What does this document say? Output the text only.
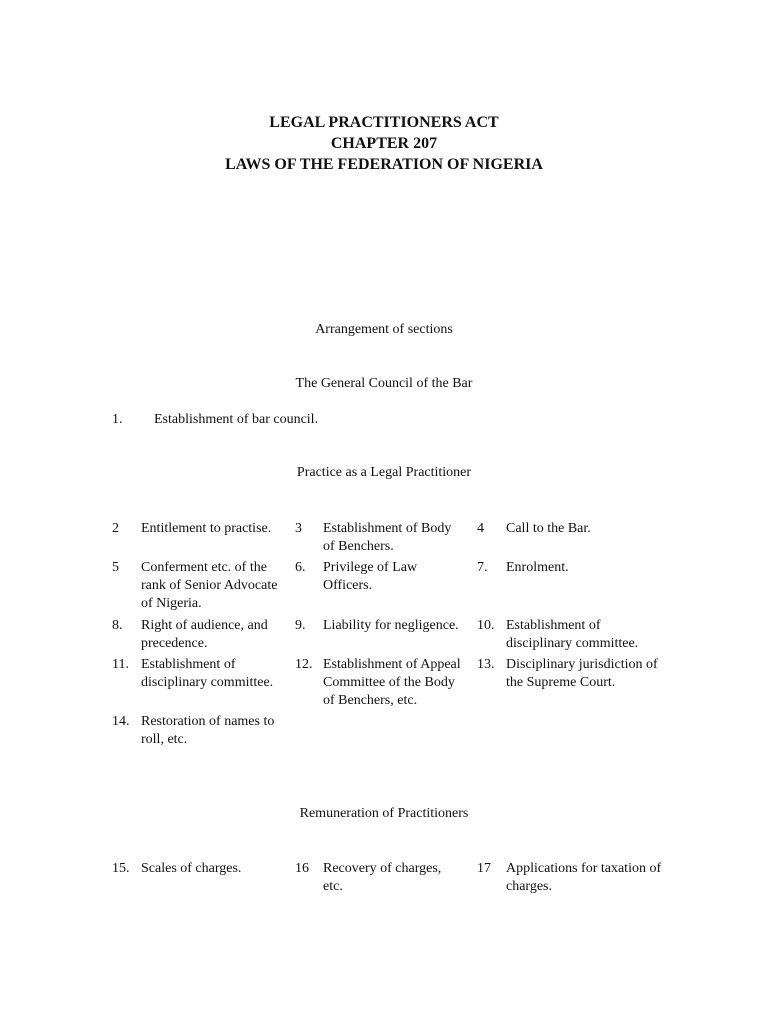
LEGAL PRACTITIONERS ACT
CHAPTER 207
LAWS OF THE FEDERATION OF NIGERIA
Arrangement of sections
The General Council of the Bar
1. Establishment of bar council.
Practice as a Legal Practitioner
2 Entitlement to practise. 3 Establishment of Body
of Benchers.
4 Call to the Bar.
5 Conferment etc. of the
rank of Senior Advocate
of Nigeria.
6. Privilege of Law
Officers.
7. Enrolment.
8. Right of audience, and
precedence.
9. Liability for negligence. 10. Establishment of
disciplinary committee.
11. Establishment of
disciplinary committee.
12. Establishment of Appeal
Committee of the Body
of Benchers, etc.
13. Disciplinary jurisdiction of
the Supreme Court.
14. Restoration of names to
roll, etc.
Remuneration of Practitioners
15. Scales of charges.	16 Recovery of charges,
etc.
17 Applications for taxation of
charges.
